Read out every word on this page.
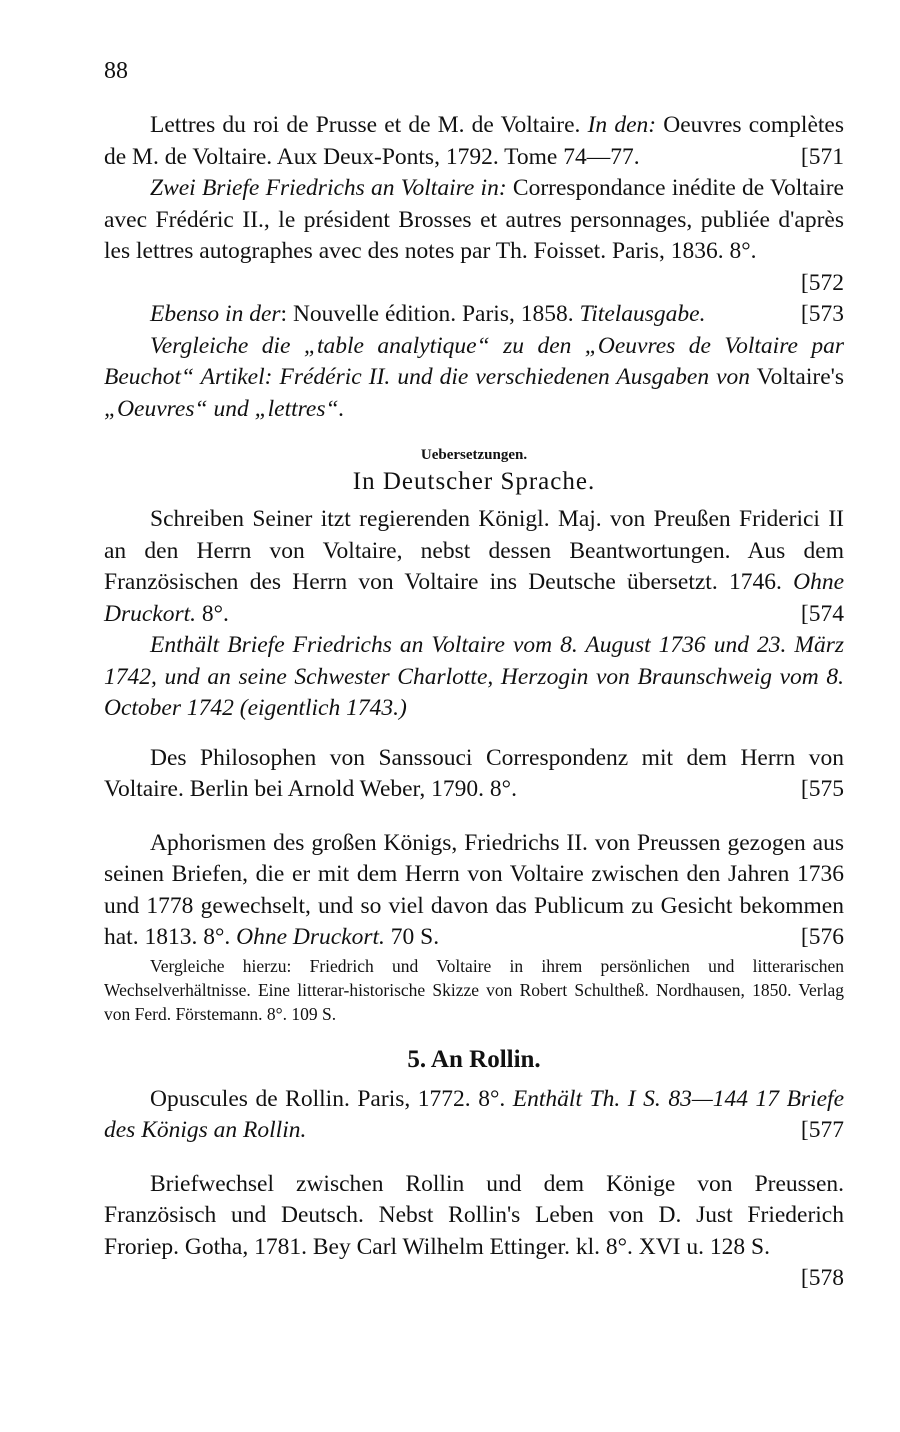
88

Lettres du roi de Prusse et de M. de Voltaire. In den: Oeuvres complètes de M. de Voltaire. Aux Deux-Ponts, 1792. Tome 74—77.	[571

Zwei Briefe Friedrichs an Voltaire in: Correspondance inédite de Voltaire avec Frédéric II., le président Brosses et autres personnages, publiée d'après les lettres autographes avec des notes par Th. Foisset. Paris, 1836. 8°.
[572

Ebenso in der: Nouvelle édition. Paris, 1858. Titelausgabe.	[573

Vergleiche die „table analytique“ zu den „Oeuvres de Voltaire par Beuchot“ Artikel: Frédéric II. und die verschiedenen Ausgaben von Voltaire's „Oeuvres“ und „lettres“.

Uebersetzungen.
In Deutscher Sprache.

Schreiben Seiner itzt regierenden Königl. Maj. von Preußen Friderici II an den Herrn von Voltaire, nebst dessen Beantwortungen. Aus dem Französischen des Herrn von Voltaire ins Deutsche übersetzt. 1746. Ohne Druckort. 8°.	[574

Enthält Briefe Friedrichs an Voltaire vom 8. August 1736 und 23. März 1742, und an seine Schwester Charlotte, Herzogin von Braunschweig vom 8. October 1742 (eigentlich 1743.)

Des Philosophen von Sanssouci Correspondenz mit dem Herrn von Voltaire. Berlin bei Arnold Weber, 1790. 8°.	[575

Aphorismen des großen Königs, Friedrichs II. von Preussen gezogen aus seinen Briefen, die er mit dem Herrn von Voltaire zwischen den Jahren 1736 und 1778 gewechselt, und so viel davon das Publicum zu Gesicht bekommen hat. 1813. 8°. Ohne Druckort. 70 S.	[576

Vergleiche hierzu: Friedrich und Voltaire in ihrem persönlichen und litterarischen Wechselverhältnisse. Eine litterar-historische Skizze von Robert Schultheß. Nordhausen, 1850. Verlag von Ferd. Förstemann. 8°. 109 S.

5. An Rollin.

Opuscules de Rollin. Paris, 1772. 8°. Enthält Th. I S. 83—144 17 Briefe des Königs an Rollin.	[577

Briefwechsel zwischen Rollin und dem Könige von Preussen. Französisch und Deutsch. Nebst Rollin's Leben von D. Just Friederich Froriep. Gotha, 1781. Bey Carl Wilhelm Ettinger. kl. 8°. XVI u. 128 S.
[578
